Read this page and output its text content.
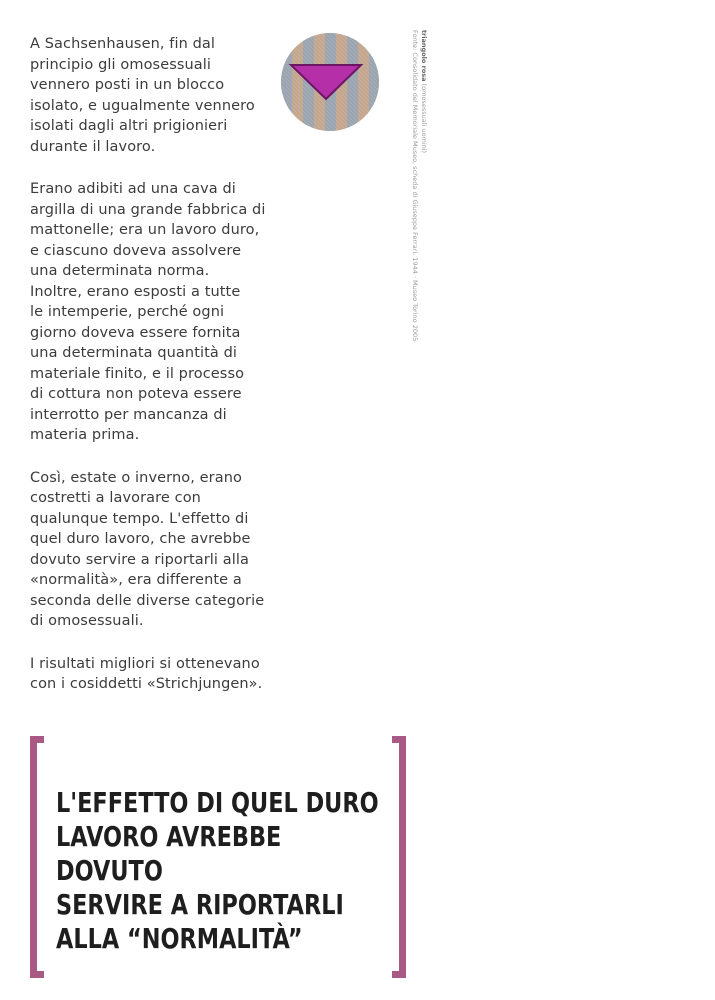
A Sachsenhausen, fin dal
principio gli omosessuali
vennero posti in un blocco
isolato, e ugualmente vennero
isolati dagli altri prigionieri
durante il lavoro.

Erano adibiti ad una cava di
argilla di una grande fabbrica di
mattonelle; era un lavoro duro,
e ciascuno doveva assolvere
una determinata norma.
Inoltre, erano esposti a tutte
le intemperie, perché ogni
giorno doveva essere fornita
una determinata quantità di
materiale finito, e il processo
di cottura non poteva essere
interrotto per mancanza di
materia prima.

Così, estate o inverno, erano
costretti a lavorare con
qualunque tempo. L'effetto di
quel duro lavoro, che avrebbe
dovuto servire a riportarli alla
«normalità», era differente a
seconda delle diverse categorie
di omosessuali.

I risultati migliori si ottenevano
con i cosiddetti «Strichjungen».

triangolo rosa (omosessuali uomini)
Fonte: Consolidato del Memoriale Museo, scheda di Giuseppe Ferrari, 1944 · Museo Torino 2005
L'EFFETTO DI QUEL DURO
LAVORO AVREBBE DOVUTO
SERVIRE A RIPORTARLI
ALLA “NORMALITÀ”
